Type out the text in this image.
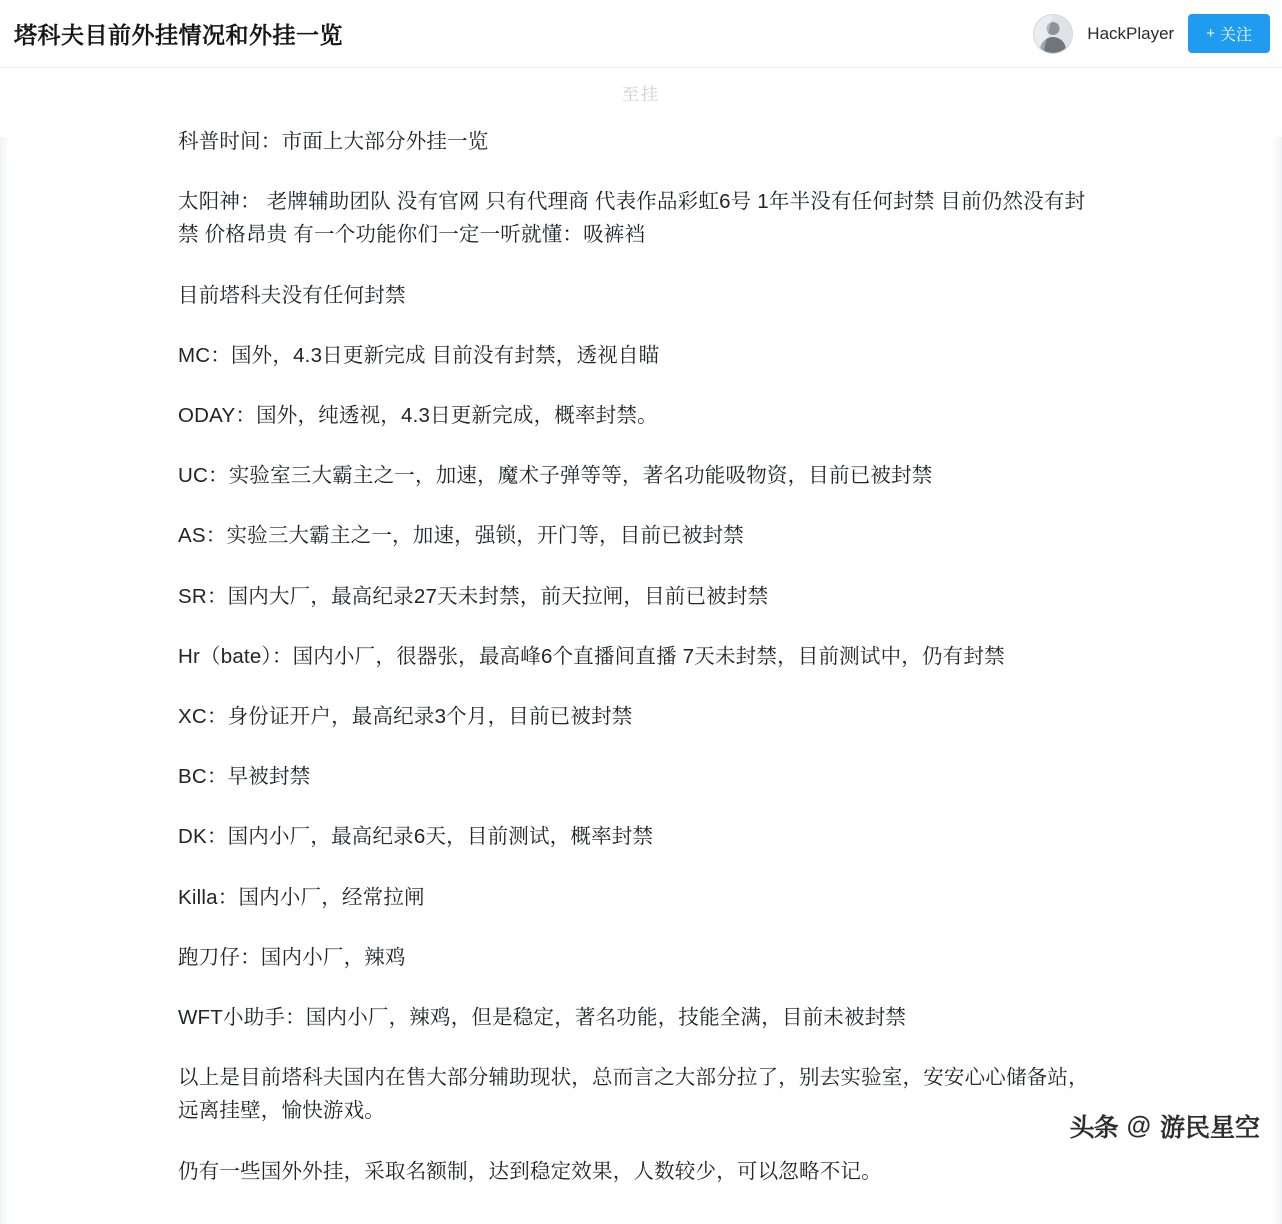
塔科夫目前外挂情况和外挂一览	HackPlayer + 关注
至挂

科普时间：市面上大部分外挂一览

太阳神： 老牌辅助团队 没有官网 只有代理商 代表作品彩虹6号 1年半没有任何封禁 目前仍然没有封禁 价格昂贵 有一个功能你们一定一听就懂：吸裤裆

目前塔科夫没有任何封禁

MC：国外，4.3日更新完成 目前没有封禁，透视自瞄

ODAY：国外，纯透视，4.3日更新完成，概率封禁。

UC：实验室三大霸主之一，加速，魔术子弹等等，著名功能吸物资，目前已被封禁

AS：实验三大霸主之一，加速，强锁，开门等，目前已被封禁

SR：国内大厂，最高纪录27天未封禁，前天拉闸，目前已被封禁

Hr（bate）：国内小厂，很器张，最高峰6个直播间直播 7天未封禁，目前测试中，仍有封禁

XC：身份证开户，最高纪录3个月，目前已被封禁

BC：早被封禁

DK：国内小厂，最高纪录6天，目前测试，概率封禁

Killa：国内小厂，经常拉闸

跑刀仔：国内小厂，辣鸡

WFT小助手：国内小厂，辣鸡，但是稳定，著名功能，技能全满，目前未被封禁

以上是目前塔科夫国内在售大部分辅助现状，总而言之大部分拉了，别去实验室，安安心心储备站，远离挂壁，愉快游戏。

仍有一些国外外挂，采取名额制，达到稳定效果，人数较少，可以忽略不记。

头条 @ 游民星空
